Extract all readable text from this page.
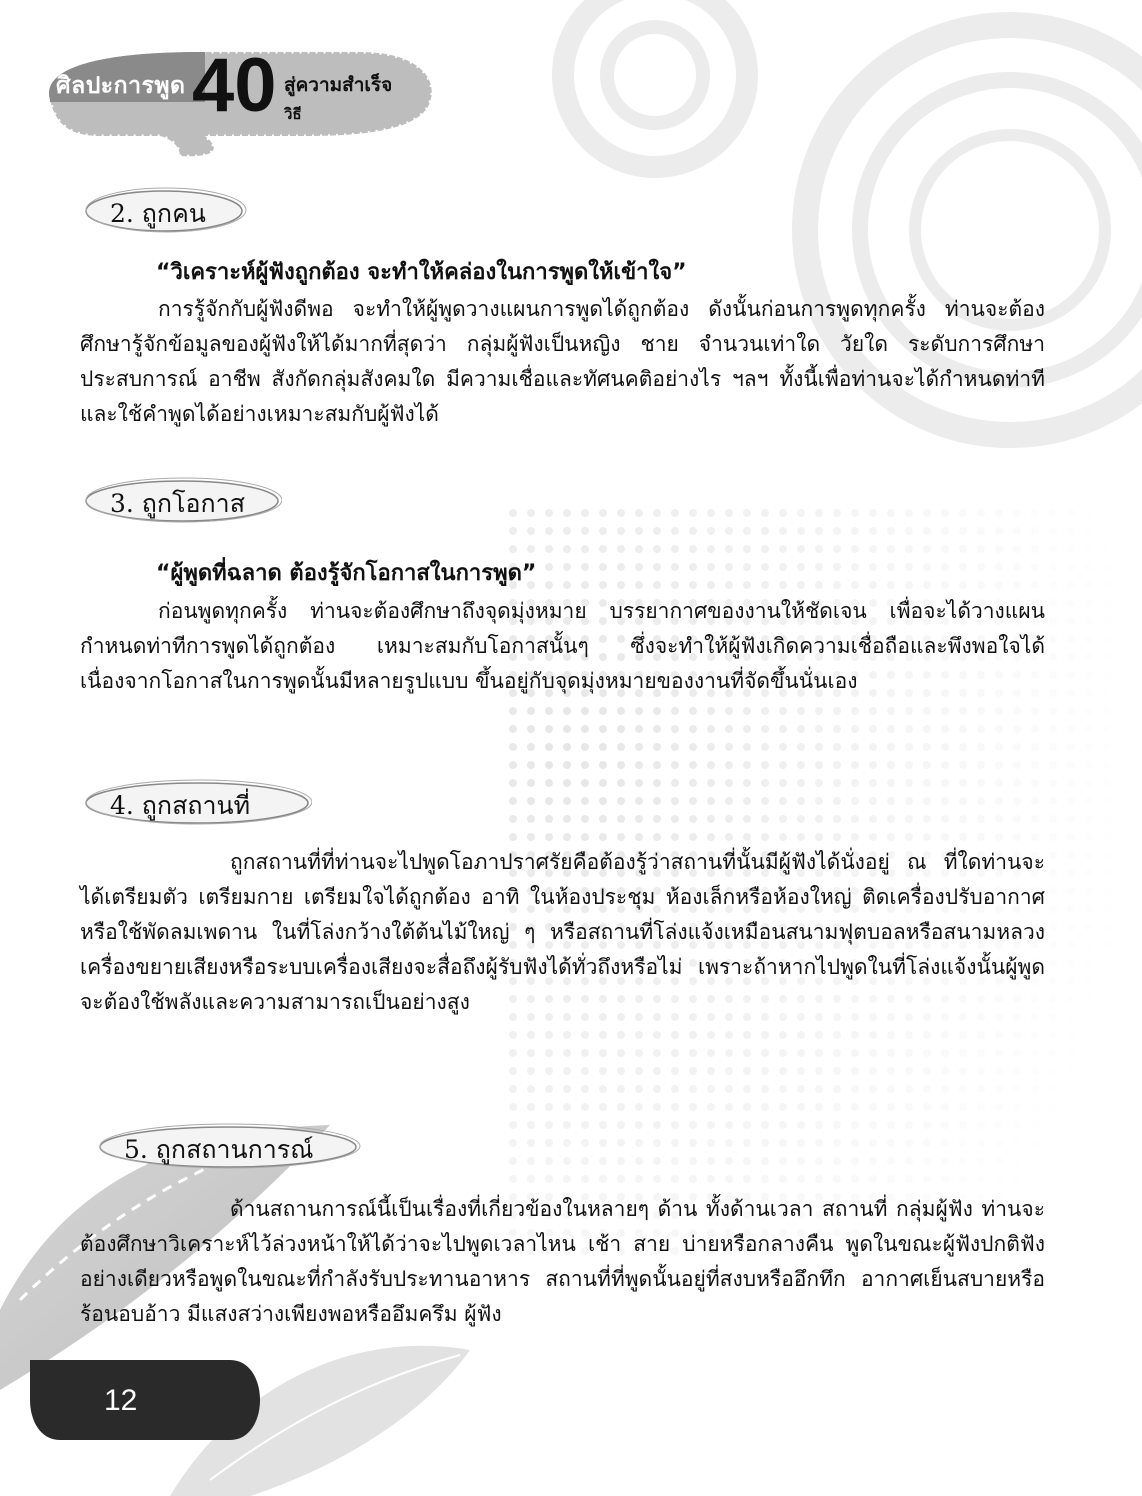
ศิลปะการพูด 40 สู่ความสำเร็จ
วิธี
2. ถูกคน
“วิเคราะห์ผู้ฟังถูกต้อง จะทำให้คล่องในการพูดให้เข้าใจ”
การรู้จักกับผู้ฟังดีพอ จะทำให้ผู้พูดวางแผนการพูดได้ถูกต้อง ดังนั้นก่อนการพูดทุกครั้ง ท่านจะต้องศึกษารู้จักข้อมูลของผู้ฟังให้ได้มากที่สุดว่า กลุ่มผู้ฟังเป็นหญิง ชาย จำนวนเท่าใด วัยใด ระดับการศึกษา ประสบการณ์ อาชีพ สังกัดกลุ่มสังคมใด มีความเชื่อและทัศนคติอย่างไร ฯลฯ ทั้งนี้เพื่อท่านจะได้กำหนดท่าทีและใช้คำพูดได้อย่างเหมาะสมกับผู้ฟังได้
3. ถูกโอกาส
“ผู้พูดที่ฉลาด ต้องรู้จักโอกาสในการพูด”
ก่อนพูดทุกครั้ง ท่านจะต้องศึกษาถึงจุดมุ่งหมาย บรรยากาศของงานให้ชัดเจน เพื่อจะได้วางแผน กำหนดท่าทีการพูดได้ถูกต้อง เหมาะสมกับโอกาสนั้นๆ ซึ่งจะทำให้ผู้ฟังเกิดความเชื่อถือและพึงพอใจได้ เนื่องจากโอกาสในการพูดนั้นมีหลายรูปแบบ ขึ้นอยู่กับจุดมุ่งหมายของงานที่จัดขึ้นนั่นเอง
4. ถูกสถานที่
ถูกสถานที่ที่ท่านจะไปพูดโอภาปราศรัยคือต้องรู้ว่าสถานที่นั้นมีผู้ฟังได้นั่งอยู่ ณ ที่ใดท่านจะได้เตรียมตัว เตรียมกาย เตรียมใจได้ถูกต้อง อาทิ ในห้องประชุม ห้องเล็กหรือห้องใหญ่ ติดเครื่องปรับอากาศหรือใช้พัดลมเพดาน ในที่โล่งกว้างใต้ต้นไม้ใหญ่ ๆ หรือสถานที่โล่งแจ้งเหมือนสนามฟุตบอลหรือสนามหลวง เครื่องขยายเสียงหรือระบบเครื่องเสียงจะสื่อถึงผู้รับฟังได้ทั่วถึงหรือไม่ เพราะถ้าหากไปพูดในที่โล่งแจ้งนั้นผู้พูดจะต้องใช้พลังและความสามารถเป็นอย่างสูง
5. ถูกสถานการณ์
ด้านสถานการณ์นี้เป็นเรื่องที่เกี่ยวข้องในหลายๆ ด้าน ทั้งด้านเวลา สถานที่ กลุ่มผู้ฟัง ท่านจะต้องศึกษาวิเคราะห์ไว้ล่วงหน้าให้ได้ว่าจะไปพูดเวลาไหน เช้า สาย บ่ายหรือกลางคืน พูดในขณะผู้ฟังปกติฟังอย่างเดียวหรือพูดในขณะที่กำลังรับประทานอาหาร สถานที่ที่พูดนั้นอยู่ที่สงบหรืออึกทึก อากาศเย็นสบายหรือร้อนอบอ้าว มีแสงสว่างเพียงพอหรืออึมครึม ผู้ฟัง
12
